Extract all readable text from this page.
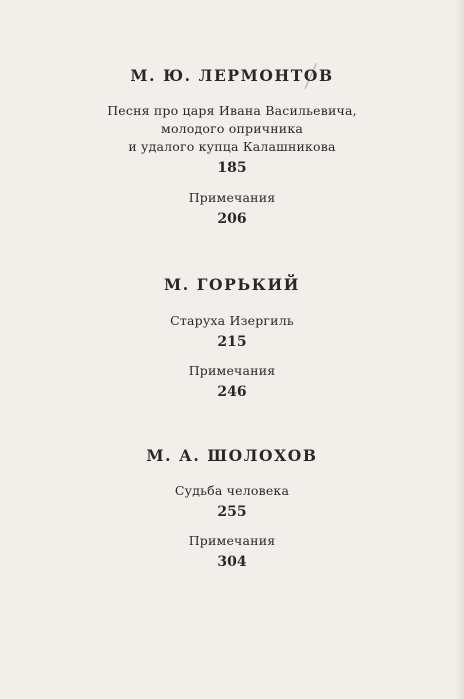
М. Ю. ЛЕРМОНТОВ
Песня про царя Ивана Васильевича,
молодого опричника
и удалого купца Калашникова
185
Примечания
206
М. ГОРЬКИЙ
Старуха Изергиль
215
Примечания
246
М. А. ШОЛОХОВ
Судьба человека
255
Примечания
304
